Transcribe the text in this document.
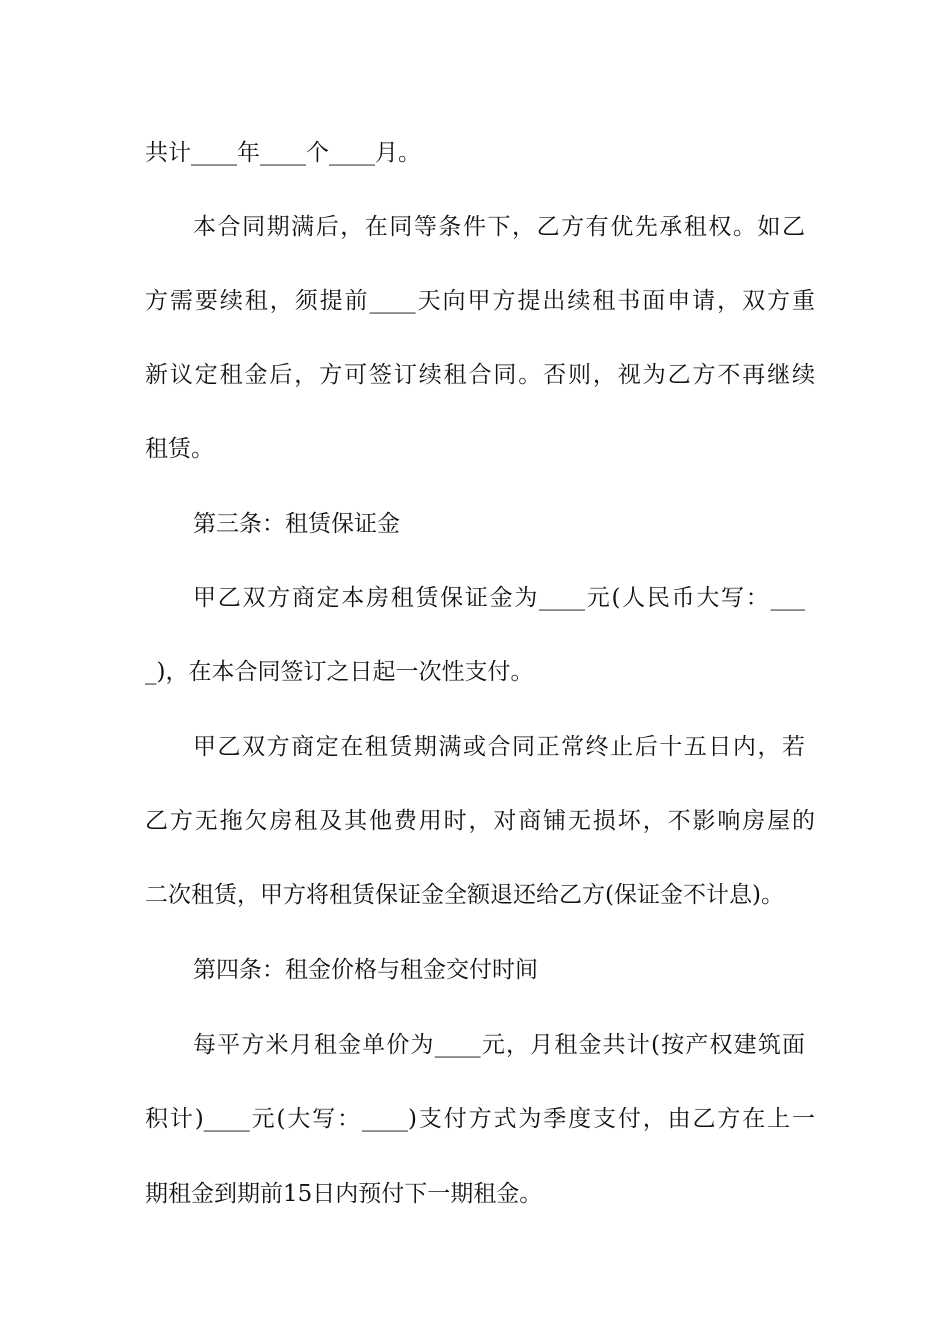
共计____年____个____月。

本合同期满后，在同等条件下，乙方有优先承租权。如乙

方需要续租，须提前____天向甲方提出续租书面申请，双方重

新议定租金后，方可签订续租合同。否则，视为乙方不再继续

租赁。

第三条：租赁保证金

甲乙双方商定本房租赁保证金为____元(人民币大写：___

_)，在本合同签订之日起一次性支付。

甲乙双方商定在租赁期满或合同正常终止后十五日内，若

乙方无拖欠房租及其他费用时，对商铺无损坏，不影响房屋的

二次租赁，甲方将租赁保证金全额退还给乙方(保证金不计息)。

第四条：租金价格与租金交付时间

每平方米月租金单价为____元，月租金共计(按产权建筑面

积计)____元(大写：____)支付方式为季度支付，由乙方在上一

期租金到期前15日内预付下一期租金。
